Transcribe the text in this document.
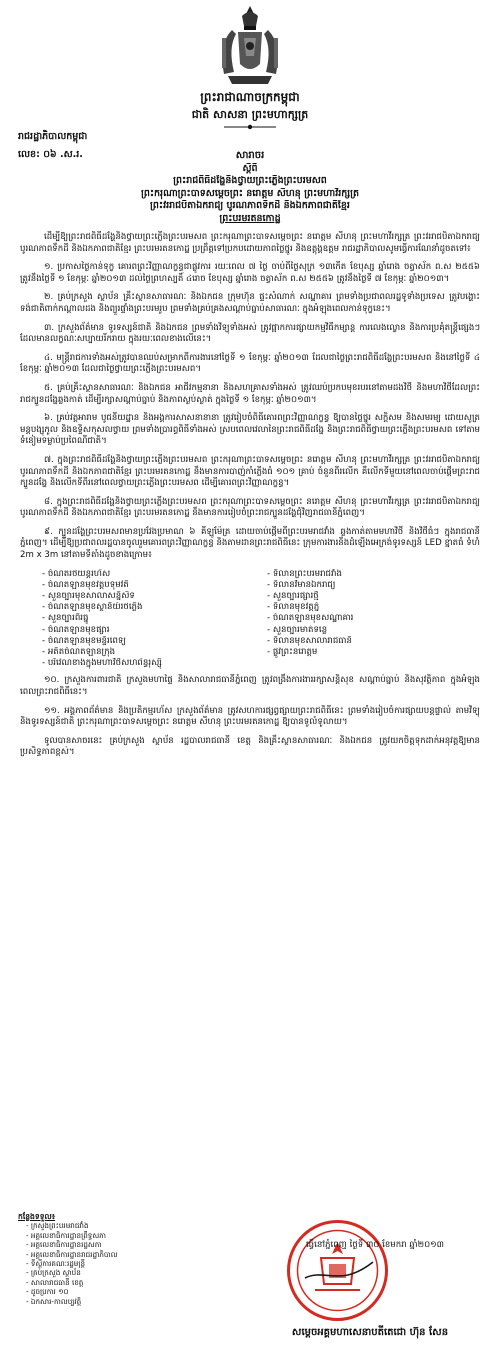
ព្រះរាជាណាចក្រកម្ពុជា
ជាតិ សាសនា ព្រះមហាក្សត្រ
រាជរដ្ឋាភិបាលកម្ពុជា
លេខ: ០៦ .ស.រ.	សារាចរ
ស្តីពី
ព្រះរាជពិធីដង្ហែនិងថ្វាយព្រះភ្លើងព្រះបរមសព
ព្រះករុណាព្រះបាទសម្តេចព្រះ នរោត្តម សីហនុ ព្រះមហាវីរក្សត្រ
ព្រះវររាជបិតាឯករាជ្យ បូរណភាពទឹកដី និងឯកភាពជាតិខ្មែរ
ព្រះបរមរតនកោដ្ឋ

ដើម្បីឱ្យព្រះរាជពិធីដង្ហែនិងថ្វាយព្រះភ្លើងព្រះបរមសព ព្រះករុណាព្រះបាទសម្តេចព្រះ នរោត្តម សីហនុ ព្រះមហាវីរក្សត្រ ព្រះវររាជបិតាឯករាជ្យ បូរណភាពទឹកដី និងឯកភាពជាតិខ្មែរ ព្រះបរមរតនកោដ្ឋ ប្រព្រឹត្តទៅប្រកបដោយភាពថ្លៃថ្នូរ និងឧត្តុង្គឧត្តម រាជរដ្ឋាភិបាលសូមធ្វើការណែនាំដូចតទៅ៖

១. ប្រកាសថ្ងៃកាន់ទុក្ខ គោរពព្រះវិញ្ញាណក្ខន្ធជាផ្លូវការ រយៈពេល ៧ ថ្ងៃ ចាប់ពីថ្ងៃសុក្រ ១៣កើត ខែបុស្ស ឆ្នាំរោង ចត្វាស័ក ព.ស ២៥៥៦ ត្រូវនឹងថ្ងៃទី ១ ខែកុម្ភៈ ឆ្នាំ២០១៣ ដល់ថ្ងៃព្រហស្បតិ៍ ៤រោច ខែបុស្ស ឆ្នាំរោង ចត្វាស័ក ព.ស ២៥៥៦ ត្រូវនឹងថ្ងៃទី ៧ ខែកុម្ភៈ ឆ្នាំ២០១៣។

២. គ្រប់ក្រសួង ស្ថាប័ន គ្រឹះស្ថានសាធារណៈ និងឯកជន ក្រុមហ៊ុន ផ្ទះសំណាក់ សណ្ឋាគារ ព្រមទាំងប្រជាពលរដ្ឋទូទាំងប្រទេស ត្រូវបង្ហោះទង់ជាតិពាក់កណ្តាលដង និងព្យួរផ្ទាំងព្រះបរមរូប ព្រមទាំងគ្រប់គ្រងសណ្តាប់ធ្នាប់សាធារណៈ ក្នុងអំឡុងពេលកាន់ទុក្ខនេះ។

៣. ក្រសួងព័ត៌មាន ទូរទស្សន៍ជាតិ និងឯកជន ព្រមទាំងវិទ្យុទាំងអស់ ត្រូវផ្អាកការផ្សាយកម្មវិធីកម្សាន្ត ការលេងល្ខោន និងការប្រគុំតន្ត្រីផ្សេងៗ ដែលមានលក្ខណៈសប្បាយរីករាយ ក្នុងរយៈពេលខាងលើនេះ។

៤. មន្ត្រីរាជការទាំងអស់ត្រូវបានឈប់សម្រាកពីការងារនៅថ្ងៃទី ១ ខែកុម្ភៈ ឆ្នាំ២០១៣ ដែលជាថ្ងៃព្រះរាជពិធីដង្ហែព្រះបរមសព និងនៅថ្ងៃទី ៤ ខែកុម្ភៈ ឆ្នាំ២០១៣ ដែលជាថ្ងៃថ្វាយព្រះភ្លើងព្រះបរមសព។

៥. គ្រប់គ្រឹះស្ថានសាធារណៈ និងឯកជន អាជីវកម្មនានា និងសហគ្រាសទាំងអស់ ត្រូវឈប់ប្រកបមុខរបរនៅតាមដងវិថី និងមហាវិថីដែលព្រះរាជក្បួនដង្ហែឆ្លងកាត់ ដើម្បីរក្សាសណ្តាប់ធ្នាប់ និងភាពស្ងប់ស្ងាត់ ក្នុងថ្ងៃទី ១ ខែកុម្ភៈ ឆ្នាំ២០១៣។

៦. គ្រប់វត្តអារាម បូជនីយដ្ឋាន និងអង្គការសាសនានានា ត្រូវរៀបចំពិធីគោរពព្រះវិញ្ញាណក្ខន្ធ ឱ្យបានថ្លៃថ្នូរ សក្តិសម និងសមរម្យ ដោយសូត្រមន្តបង្សុកូល និងឧទ្ទិសកុសលថ្វាយ ព្រមទាំងប្រារព្ធពិធីទាំងអស់ ស្របពេលវេលានៃព្រះរាជពិធីដង្ហែ និងព្រះរាជពិធីថ្វាយព្រះភ្លើងព្រះបរមសព ទៅតាមទំនៀមទម្លាប់ប្រពៃណីជាតិ។

៧. ក្នុងព្រះរាជពិធីដង្ហែនិងថ្វាយព្រះភ្លើងព្រះបរមសព ព្រះករុណាព្រះបាទសម្តេចព្រះ នរោត្តម សីហនុ ព្រះមហាវីរក្សត្រ ព្រះវររាជបិតាឯករាជ្យ បូរណភាពទឹកដី និងឯកភាពជាតិខ្មែរ ព្រះបរមរតនកោដ្ឋ នឹងមានការបាញ់កាំភ្លើងធំ ១០១ គ្រាប់ ចំនួនពីរលើក គឺលើកទីមួយនៅពេលចាប់ផ្តើមព្រះរាជក្បួនដង្ហែ និងលើកទីពីរនៅពេលថ្វាយព្រះភ្លើងព្រះបរមសព ដើម្បីគោរពព្រះវិញ្ញាណក្ខន្ធ។

៨. ក្នុងព្រះរាជពិធីដង្ហែនិងថ្វាយព្រះភ្លើងព្រះបរមសព ព្រះករុណាព្រះបាទសម្តេចព្រះ នរោត្តម សីហនុ ព្រះមហាវីរក្សត្រ ព្រះវររាជបិតាឯករាជ្យ បូរណភាពទឹកដី និងឯកភាពជាតិខ្មែរ ព្រះបរមរតនកោដ្ឋ នឹងមានការរៀបចំព្រះរាជក្បួនដង្ហែជុំវិញរាជធានីភ្នំពេញ។

៩. ក្បួនដង្ហែព្រះបរមសពមានប្រវែងប្រមាណ ៦ គីឡូម៉ែត្រ ដោយចាប់ផ្តើមពីព្រះបរមរាជវាំង ឆ្លងកាត់តាមមហាវិថី និងវិថីធំៗ ក្នុងរាជធានីភ្នំពេញ។ ដើម្បីឱ្យប្រជាពលរដ្ឋបានចូលរួមគោរពព្រះវិញ្ញាណក្ខន្ធ និងតាមដានព្រះរាជពិធីនេះ ក្រុមការងារនឹងដំឡើងអេក្រង់ទូរទស្សន៍ LED ខ្នាតធំ ទំហំ 2m x 3m នៅតាមទីតាំងដូចខាងក្រោម៖

- ចំណតរថយន្តរហ័ស	- ទីលានព្រះបរមរាជវាំង
- ចំណតឡានមុខវត្តបទុមវតី	- ទីលានវិមានឯករាជ្យ
- សួនច្បារមុខសាលាសន្និសីទ	- សួនច្បារផ្សារថ្មី
- ចំណតឡានមុខស្ថានីយ៍រថភ្លើង	- ទីលានមុខវត្តភ្នំ
- សួនច្បារពីរធ្នូ	- ចំណតឡានមុខសណ្ឋាគារ
- ចំណតឡានមុខផ្សារ	- សួនច្បារមាត់ទន្លេ
- ចំណតឡានមុខមន្ទីរពេទ្យ	- ទីលានមុខសាលារាជធានី
- អតីតចំណតឡានក្រុង	- ផ្លូវព្រះនរោត្តម
- បរិវេណខាងក្នុងមហាវិថីសហព័ន្ធរុស្ស៊ី

១០. ក្រសួងការពារជាតិ ក្រសួងមហាផ្ទៃ និងសាលារាជធានីភ្នំពេញ ត្រូវពង្រឹងការងាររក្សាសន្តិសុខ សណ្តាប់ធ្នាប់ និងសុវត្ថិភាព ក្នុងអំឡុងពេលព្រះរាជពិធីនេះ។

១១. អង្គភាពព័ត៌មាន និងប្រតិកម្មរហ័ស ក្រសួងព័ត៌មាន ត្រូវសហការផ្សព្វផ្សាយព្រះរាជពិធីនេះ ព្រមទាំងរៀបចំការផ្សាយបន្តផ្ទាល់ តាមវិទ្យុ និងទូរទស្សន៍ជាតិ ព្រះករុណាព្រះបាទសម្តេចព្រះ នរោត្តម សីហនុ ព្រះបរមរតនកោដ្ឋ ឱ្យបានទូលំទូលាយ។

ទូលបានសាចរនេះ គ្រប់ក្រសួង ស្ថាប័ន រដ្ឋបាលរាជធានី ខេត្ត និងគ្រឹះស្ថានសាធារណៈ និងឯកជន ត្រូវយកចិត្តទុកដាក់អនុវត្តឱ្យមានប្រសិទ្ធភាពខ្ពស់។

កន្លែងទទួល៖
- ក្រសួងព្រះបរមរាជវាំង
- អគ្គលេខាធិការដ្ឋានព្រឹទ្ធសភា
- អគ្គលេខាធិការដ្ឋានរដ្ឋសភា
- អគ្គលេខាធិការដ្ឋានរាជរដ្ឋាភិបាល
- ទីស្តីការគណៈរដ្ឋមន្ត្រី
- គ្រប់ក្រសួង ស្ថាប័ន
- សាលារាជធានី ខេត្ត
- ដូចប្រការ ១០
- ឯកសារ-កាលប្បវត្តិ
ធ្វើនៅភ្នំពេញ ថ្ងៃទី ៣០ ខែមករា ឆ្នាំ២០១៣
សម្តេចអគ្គមហាសេនាបតីតេជោ ហ៊ុន សែន
